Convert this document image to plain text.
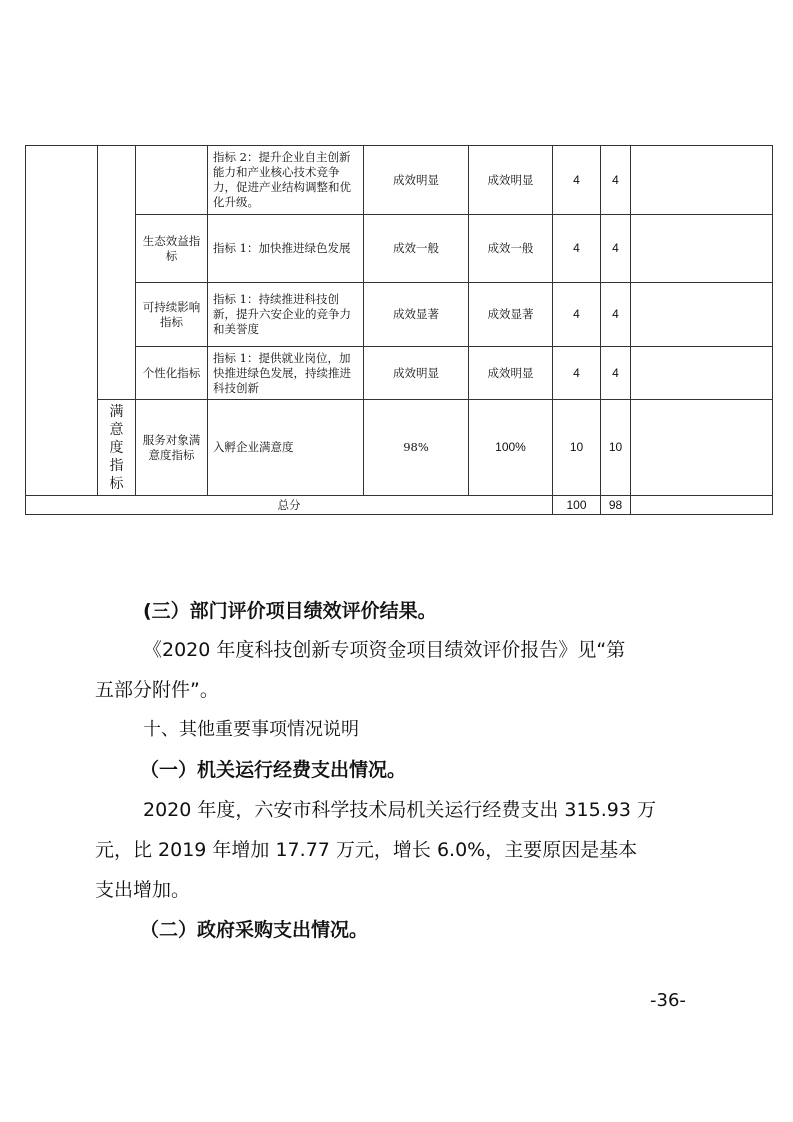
			指标 2：提升企业自主创新能力和产业核心技术竞争力，促进产业结构调整和优化升级。	成效明显	成效明显	4	4	
		生态效益指标	指标 1：加快推进绿色发展	成效一般	成效一般	4	4	
		可持续影响指标	指标 1：持续推进科技创新，提升六安企业的竞争力和美誉度	成效显著	成效显著	4	4	
		个性化指标	指标 1：提供就业岗位，加快推进绿色发展，持续推进科技创新	成效明显	成效明显	4	4	

	满意度指标	服务对象满意度指标	入孵企业满意度	98%	100%	10	10	
总分						100	98	
(三）部门评价项目绩效评价结果。
《2020 年度科技创新专项资金项目绩效评价报告》见“第
五部分附件”。
十、其他重要事项情况说明
（一）机关运行经费支出情况。
2020 年度，六安市科学技术局机关运行经费支出 315.93 万
元，比 2019 年增加 17.77 万元，增长 6.0%，主要原因是基本
支出增加。
（二）政府采购支出情况。
-36-
